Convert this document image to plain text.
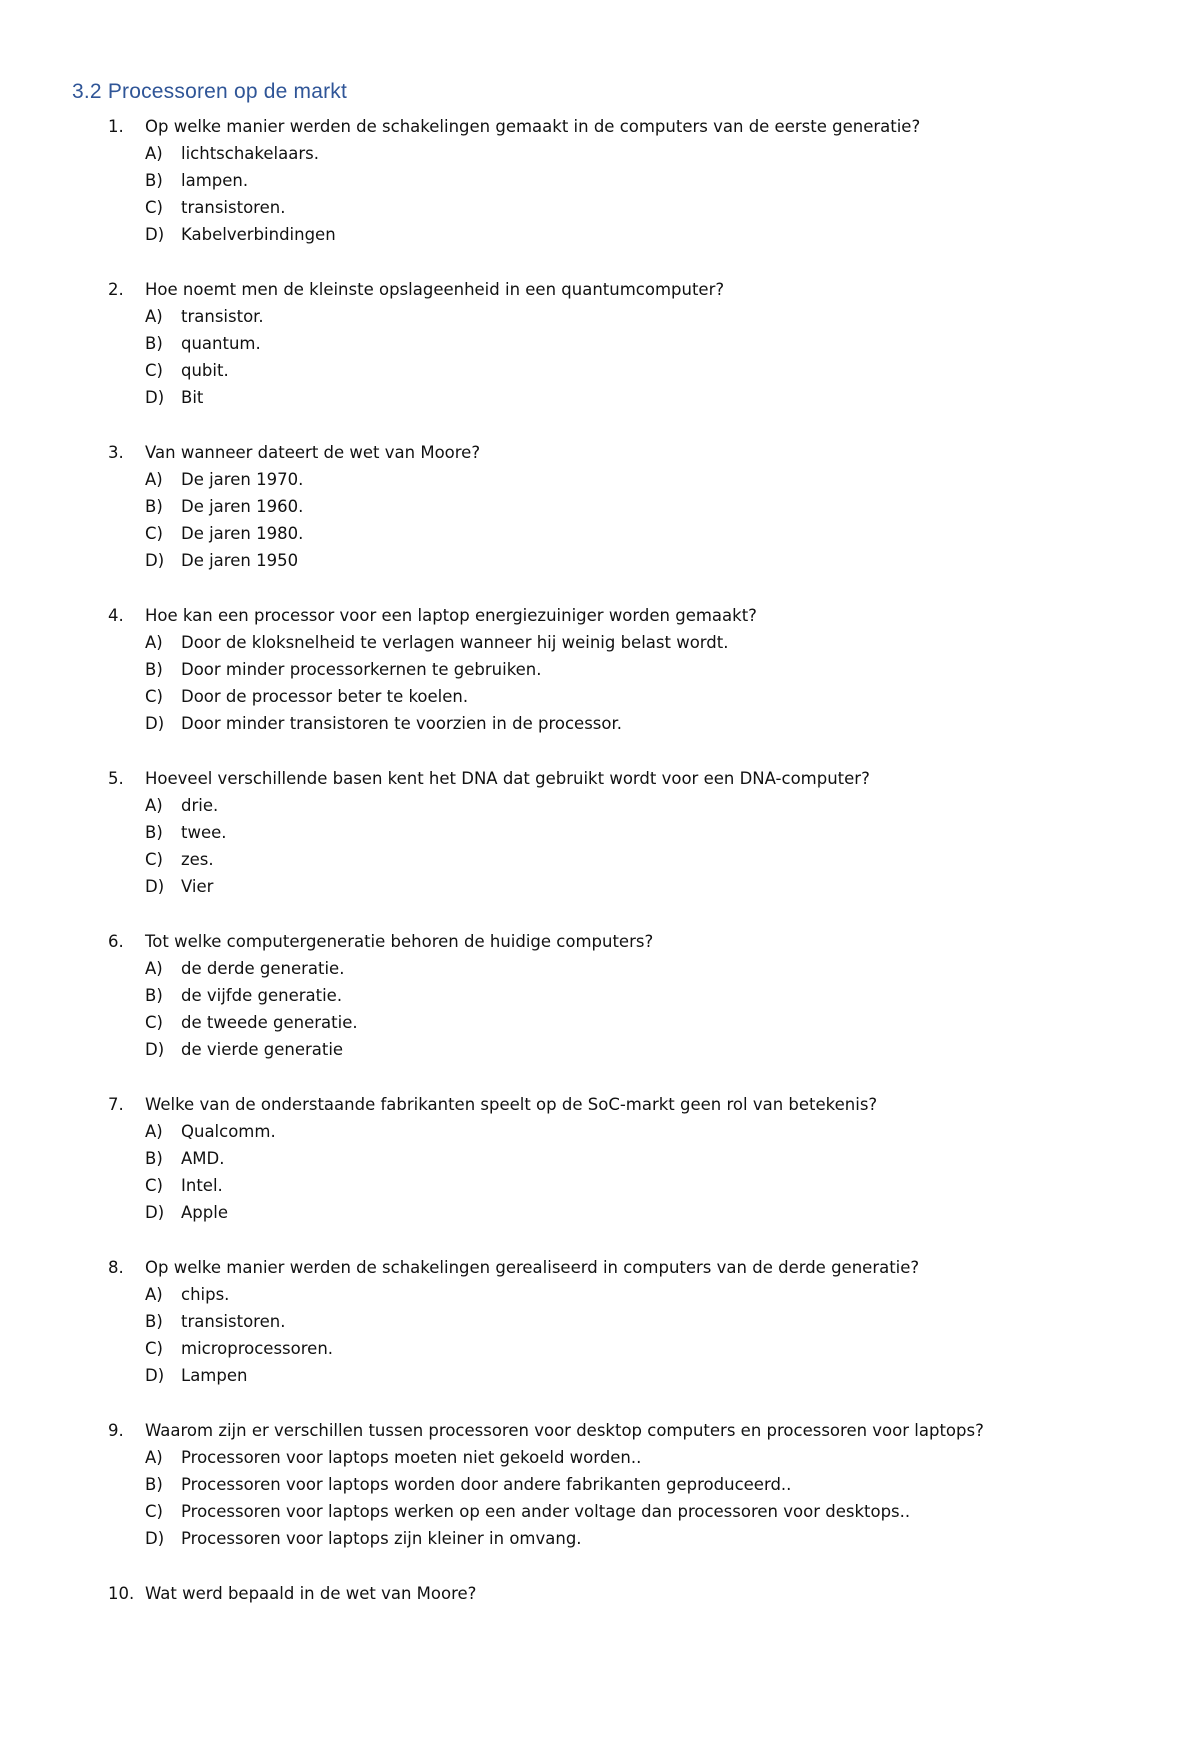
3.2 Processoren op de markt
1. Op welke manier werden de schakelingen gemaakt in de computers van de eerste generatie?
A) lichtschakelaars.
B) lampen.
C) transistoren.
D) Kabelverbindingen
2. Hoe noemt men de kleinste opslageenheid in een quantumcomputer?
A) transistor.
B) quantum.
C) qubit.
D) Bit
3. Van wanneer dateert de wet van Moore?
A) De jaren 1970.
B) De jaren 1960.
C) De jaren 1980.
D) De jaren 1950
4. Hoe kan een processor voor een laptop energiezuiniger worden gemaakt?
A) Door de kloksnelheid te verlagen wanneer hij weinig belast wordt.
B) Door minder processorkernen te gebruiken.
C) Door de processor beter te koelen.
D) Door minder transistoren te voorzien in de processor.
5. Hoeveel verschillende basen kent het DNA dat gebruikt wordt voor een DNA-computer?
A) drie.
B) twee.
C) zes.
D) Vier
6. Tot welke computergeneratie behoren de huidige computers?
A) de derde generatie.
B) de vijfde generatie.
C) de tweede generatie.
D) de vierde generatie
7. Welke van de onderstaande fabrikanten speelt op de SoC-markt geen rol van betekenis?
A) Qualcomm.
B) AMD.
C) Intel.
D) Apple
8. Op welke manier werden de schakelingen gerealiseerd in computers van de derde generatie?
A) chips.
B) transistoren.
C) microprocessoren.
D) Lampen
9. Waarom zijn er verschillen tussen processoren voor desktop computers en processoren voor laptops?
A) Processoren voor laptops moeten niet gekoeld worden..
B) Processoren voor laptops worden door andere fabrikanten geproduceerd..
C) Processoren voor laptops werken op een ander voltage dan processoren voor desktops..
D) Processoren voor laptops zijn kleiner in omvang.
10. Wat werd bepaald in de wet van Moore?
